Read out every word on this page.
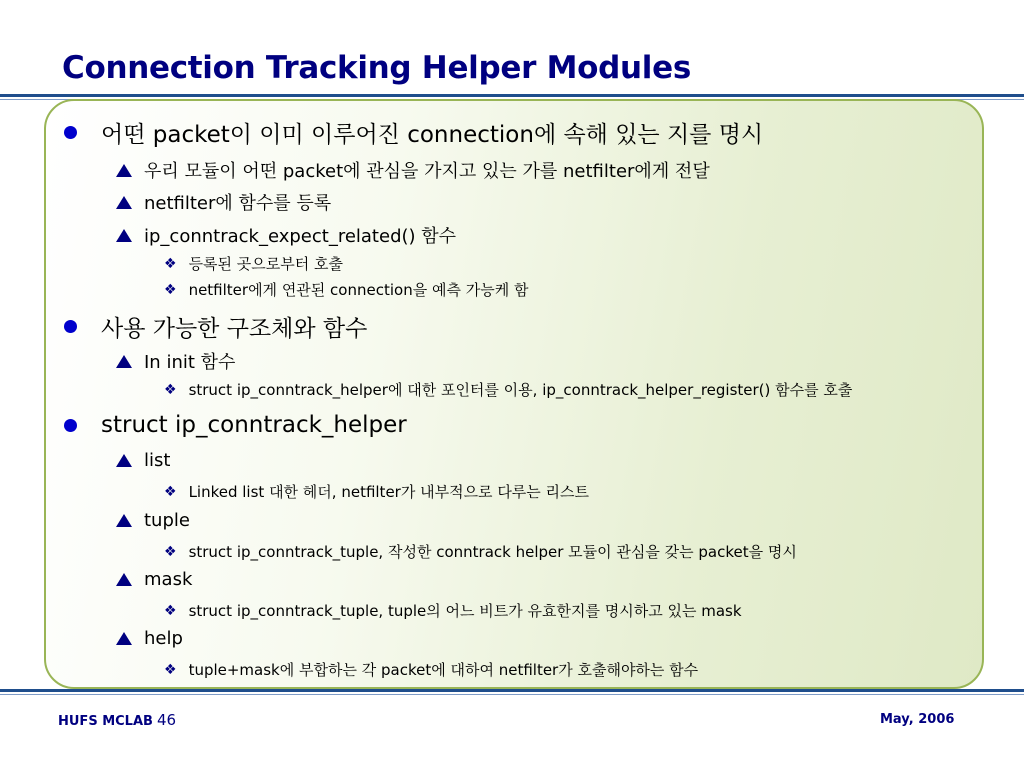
Connection Tracking Helper Modules
어떤 packet이 이미 이루어진 connection에 속해 있는 지를 명시
우리 모듈이 어떤 packet에 관심을 가지고 있는 가를 netfilter에게 전달
netfilter에 함수를 등록
ip_conntrack_expect_related() 함수
❖ 등록된 곳으로부터 호출
❖ netfilter에게 연관된 connection을 예측 가능케 함
사용 가능한 구조체와 함수
In init 함수
❖ struct ip_conntrack_helper에 대한 포인터를 이용, ip_conntrack_helper_register() 함수를 호출
struct ip_conntrack_helper
list
❖ Linked list 대한 헤더, netfilter가 내부적으로 다루는 리스트
tuple
❖ struct ip_conntrack_tuple, 작성한 conntrack helper 모듈이 관심을 갖는 packet을 명시
mask
❖ struct ip_conntrack_tuple, tuple의 어느 비트가 유효한지를 명시하고 있는 mask
help
❖ tuple+mask에 부합하는 각 packet에 대하여 netfilter가 호출해야하는 함수
HUFS MCLAB 46	May, 2006
